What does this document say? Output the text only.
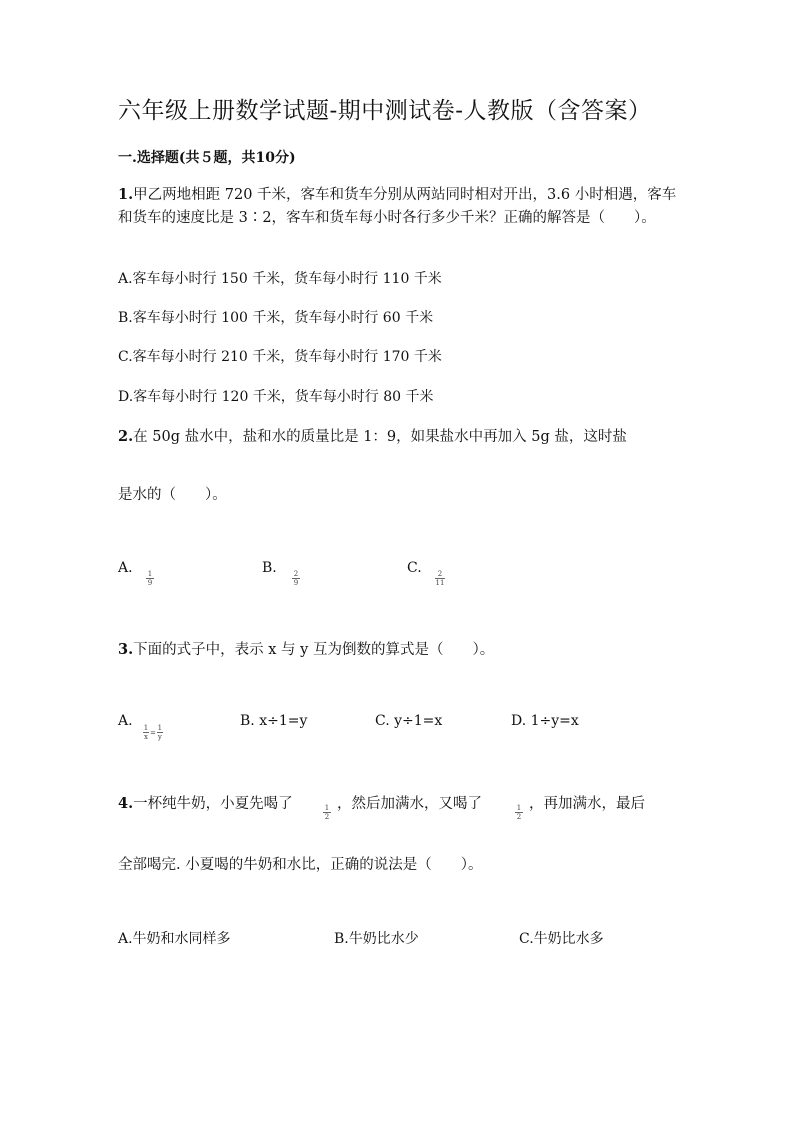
六年级上册数学试题-期中测试卷-人教版（含答案）
一.选择题(共５题，共10分)
1.甲乙两地相距 720 千米，客车和货车分别从两站同时相对开出，3.6 小时相遇，客车和货车的速度比是 3∶2，客车和货车每小时各行多少千米？正确的解答是（　　）。
A.客车每小时行 150 千米，货车每小时行 110 千米
B.客车每小时行 100 千米，货车每小时行 60 千米
C.客车每小时行 210 千米，货车每小时行 170 千米
D.客车每小时行 120 千米，货车每小时行 80 千米
2.在 50g 盐水中，盐和水的质量比是 1：9，如果盐水中再加入 5g 盐，这时盐
是水的（　　）。
A. 1
9
B. 2
9
C. 2
11
3.下面的式子中，表示 x 与 y 互为倒数的算式是（　　）。
A.
$\frac{1}{x} = \frac{1}{y}$
B. x÷1=y	C. y÷1=x	D. 1÷y=x
4.一杯纯牛奶，小夏先喝了	1
2
，然后加满水，又喝了	1
2
，再加满水，最后
全部喝完. 小夏喝的牛奶和水比，正确的说法是（　　）。
A.牛奶和水同样多	B.牛奶比水少	C.牛奶比水多
